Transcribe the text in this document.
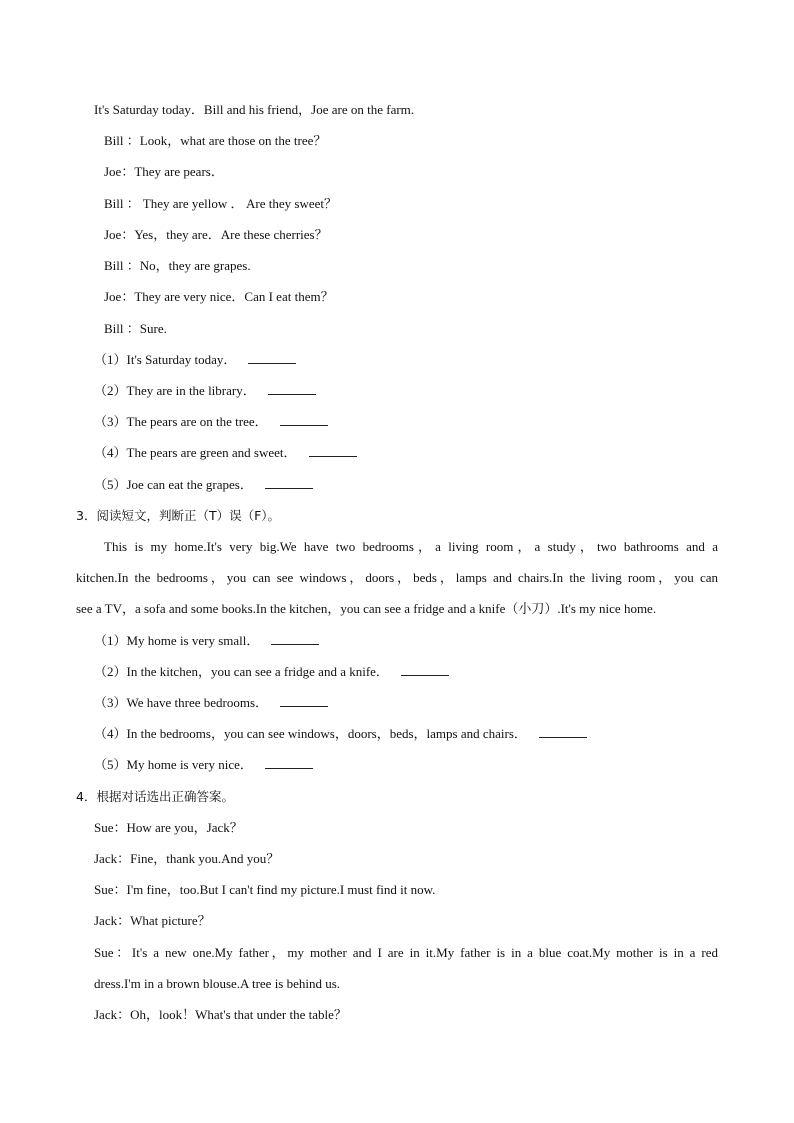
It's Saturday today．Bill and his friend，Joe are on the farm.
Bill ：Look，what are those on the tree？
Joe：They are pears．
Bill ： They are yellow ． Are they sweet？
Joe：Yes，they are．Are these cherries？
Bill ：No，they are grapes.
Joe：They are very nice．Can I eat them？
Bill ：Sure.
（1）It's Saturday today．
（2）They are in the library．
（3）The pears are on the tree．
（4）The pears are green and sweet．
（5）Joe can eat the grapes．
3．阅读短文，判断正（T）误（F）。
This is my home.It's very big.We have two bedrooms，a living room，a study，two bathrooms and a
kitchen.In the bedrooms，you can see windows，doors，beds，lamps and chairs.In the living room，you can
see a TV，a sofa and some books.In the kitchen，you can see a fridge and a knife（小刀）.It's my nice home.
（1）My home is very small．
（2）In the kitchen，you can see a fridge and a knife．
（3）We have three bedrooms．
（4）In the bedrooms，you can see windows，doors，beds，lamps and chairs．
（5）My home is very nice．
4．根据对话选出正确答案。
Sue：How are you，Jack？
Jack：Fine，thank you.And you？
Sue：I'm fine，too.But I can't find my picture.I must find it now.
Jack：What picture？
Sue：It's a new one.My father，my mother and I are in it.My father is in a blue coat.My mother is in a red
dress.I'm in a brown blouse.A tree is behind us.
Jack：Oh，look！What's that under the table？
